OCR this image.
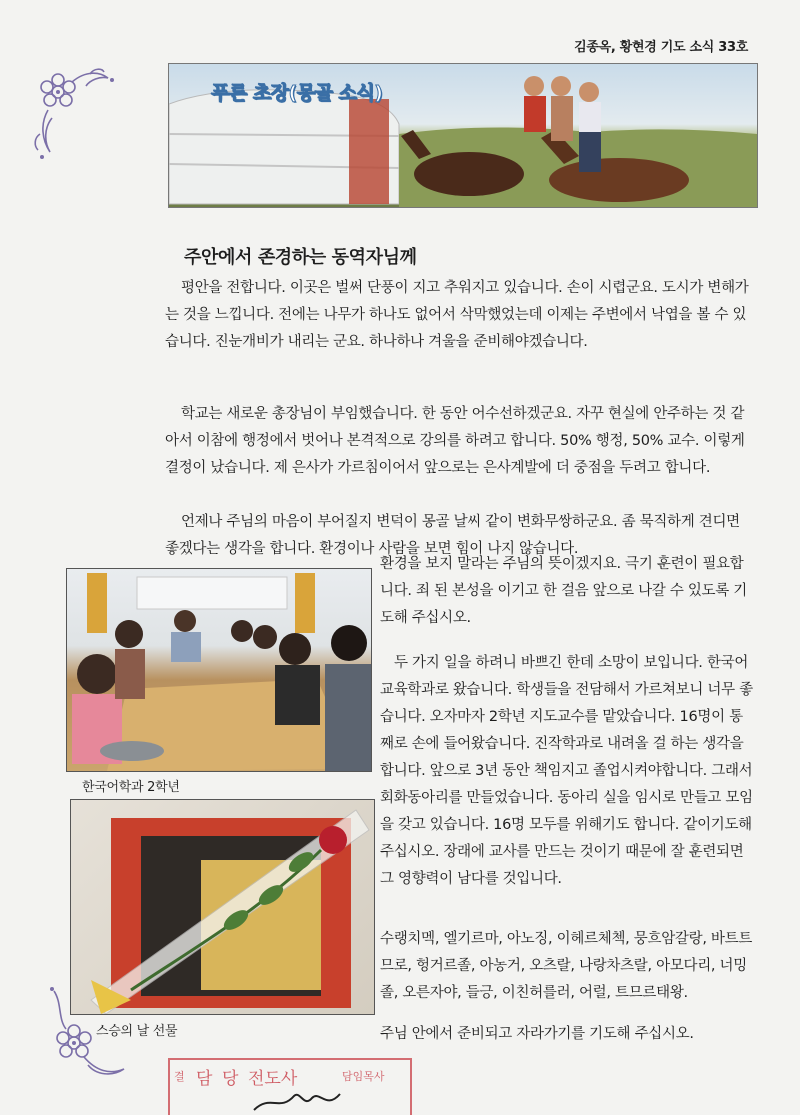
김종옥, 황현경 기도 소식 33호
푸른 초장(몽골 소식)
주안에서 존경하는 동역자님께

평안을 전합니다. 이곳은 벌써 단풍이 지고 추워지고 있습니다. 손이 시렵군요. 도시가 변해가는 것을 느낍니다. 전에는 나무가 하나도 없어서 삭막했었는데 이제는 주변에서 낙엽을 볼 수 있습니다. 진눈개비가 내리는 군요. 하나하나 겨울을 준비해야겠습니다.

학교는 새로운 총장님이 부임했습니다. 한 동안 어수선하겠군요. 자꾸 현실에 안주하는 것 같아서 이참에 행정에서 벗어나 본격적으로 강의를 하려고 합니다. 50% 행정, 50% 교수. 이렇게 결정이 났습니다. 제 은사가 가르침이어서 앞으로는 은사계발에 더 중점을 두려고 합니다.

언제나 주님의 마음이 부어질지 변덕이 몽골 날씨 같이 변화무쌍하군요. 좀 묵직하게 견디면 좋겠다는 생각을 합니다. 환경이나 사람을 보면 힘이 나지 않습니다.

환경을 보지 말라는 주님의 뜻이겠지요. 극기 훈련이 필요합니다. 죄 된 본성을 이기고 한 걸음 앞으로 나갈 수 있도록 기도해 주십시오.

두 가지 일을 하려니 바쁘긴 한데 소망이 보입니다. 한국어교육학과로 왔습니다. 학생들을 전담해서 가르쳐보니 너무 좋습니다. 오자마자 2학년 지도교수를 맡았습니다. 16명이 통째로 손에 들어왔습니다. 진작학과로 내려올 걸 하는 생각을 합니다. 앞으로 3년 동안 책임지고 졸업시켜야합니다. 그래서 회화동아리를 만들었습니다. 동아리 실을 임시로 만들고 모임을 갖고 있습니다. 16명 모두를 위해기도 합니다. 같이기도해 주십시오. 장래에 교사를 만드는 것이기 때문에 잘 훈련되면 그 영향력이 남다를 것입니다.

수랭치멕, 엘기르마, 아노징, 이헤르체첵, 뭉흐암갈랑, 바트트므로, 헝거르졸, 아농거, 오츠랄, 나랑차츠랄, 아모다리, 너밍졸, 오른자야, 들긍, 이친허를러, 어럴, 트므르태왕.

주님 안에서 준비되고 자라가기를 기도해 주십시오.

한국어학과 2학년
스승의 날 선물
결 담 당 전도사	담임목사
